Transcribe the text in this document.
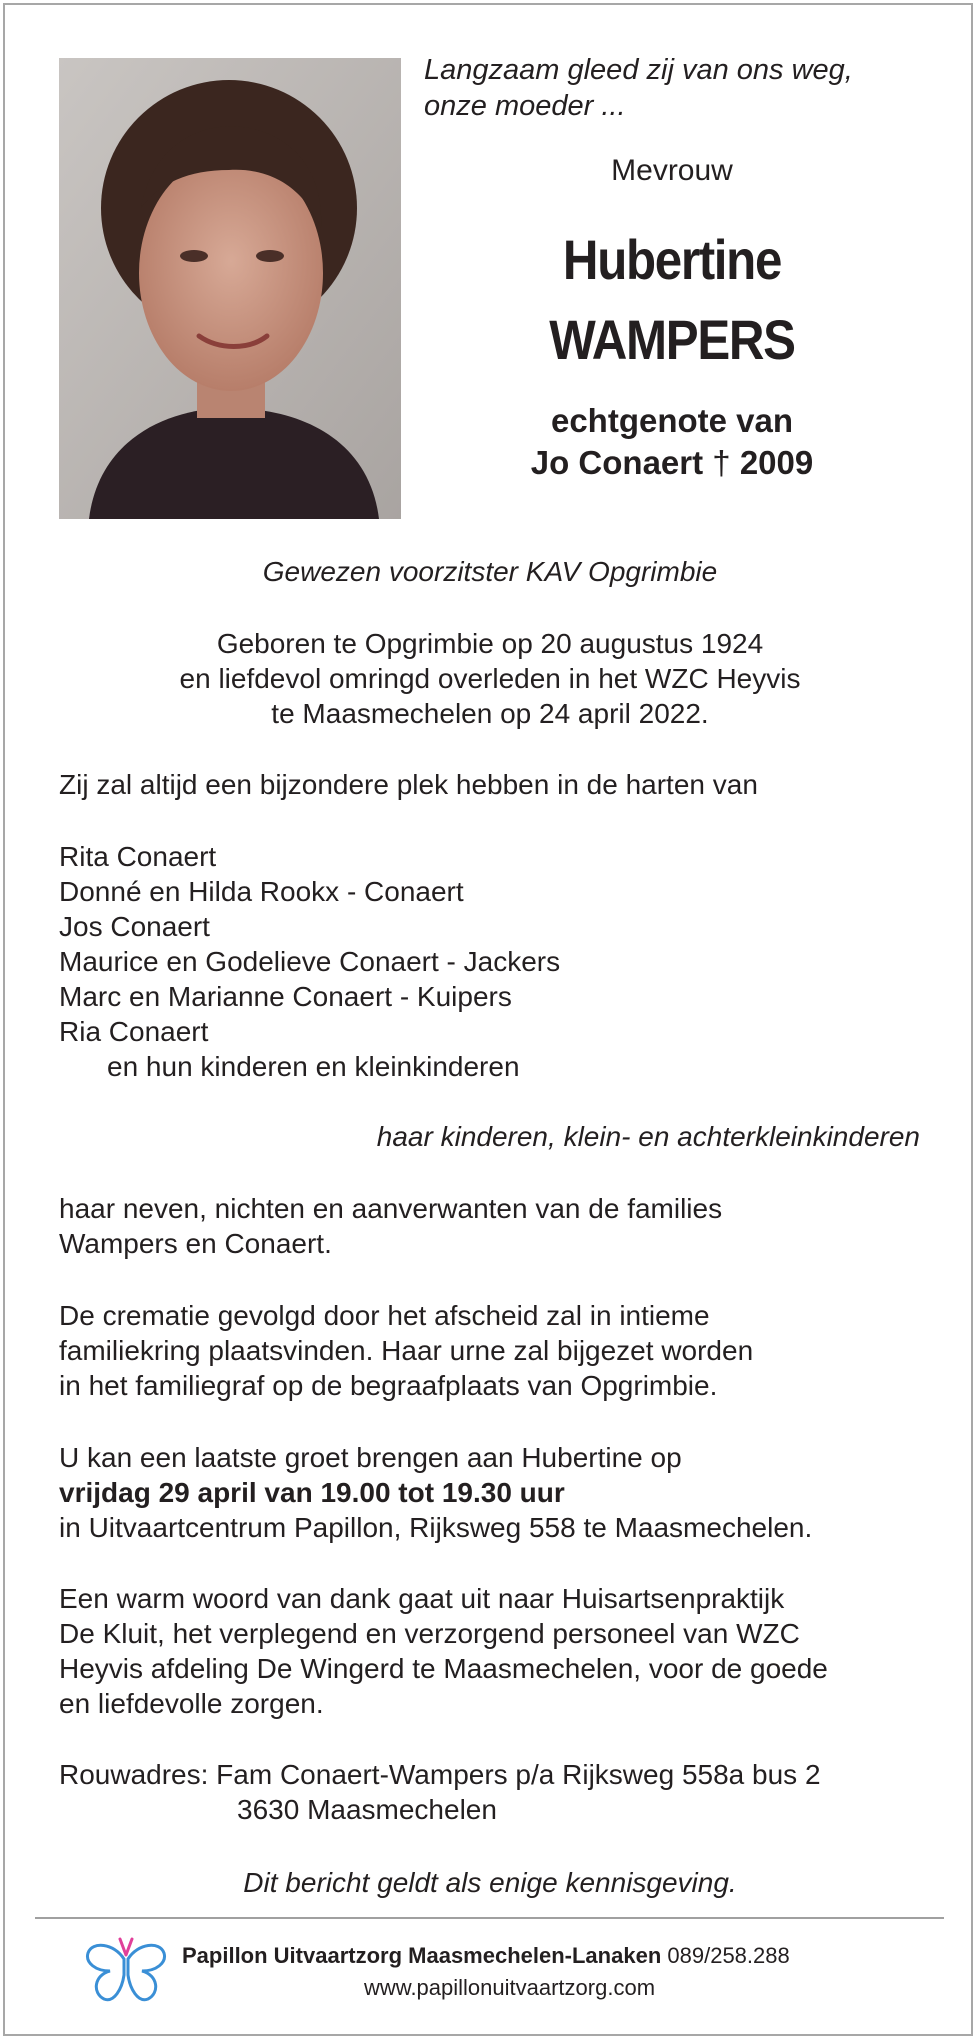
Langzaam gleed zij van ons weg,
onze moeder ...
Mevrouw
Hubertine
WAMPERS
echtgenote van
Jo Conaert † 2009
Gewezen voorzitster KAV Opgrimbie
Geboren te Opgrimbie op 20 augustus 1924
en liefdevol omringd overleden in het WZC Heyvis
te Maasmechelen op 24 april 2022.
Zij zal altijd een bijzondere plek hebben in de harten van
Rita Conaert
Donné en Hilda Rookx - Conaert
Jos Conaert
Maurice en Godelieve Conaert - Jackers
Marc en Marianne Conaert - Kuipers
Ria Conaert
en hun kinderen en kleinkinderen
haar kinderen, klein- en achterkleinkinderen
haar neven, nichten en aanverwanten van de families
Wampers en Conaert.
De crematie gevolgd door het afscheid zal in intieme
familiekring plaatsvinden. Haar urne zal bijgezet worden
in het familiegraf op de begraafplaats van Opgrimbie.
U kan een laatste groet brengen aan Hubertine op
vrijdag 29 april van 19.00 tot 19.30 uur
in Uitvaartcentrum Papillon, Rijksweg 558 te Maasmechelen.
Een warm woord van dank gaat uit naar Huisartsenpraktijk
De Kluit, het verplegend en verzorgend personeel van WZC
Heyvis afdeling De Wingerd te Maasmechelen, voor de goede
en liefdevolle zorgen.
Rouwadres: Fam Conaert-Wampers p/a Rijksweg 558a bus 2
3630 Maasmechelen
Dit bericht geldt als enige kennisgeving.
Papillon Uitvaartzorg Maasmechelen-Lanaken 089/258.288
www.papillonuitvaartzorg.com
